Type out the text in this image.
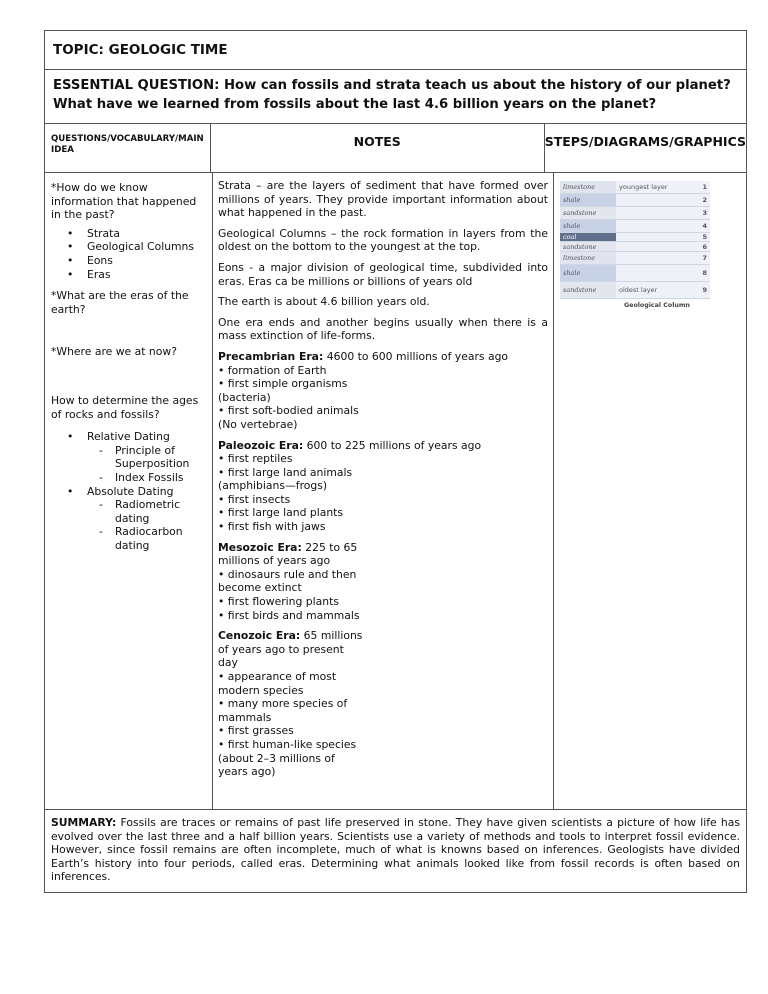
TOPIC: GEOLOGIC TIME
ESSENTIAL QUESTION: How can fossils and strata teach us about the history of our planet? What have we learned from fossils about the last 4.6 billion years on the planet?
QUESTIONS/VOCABULARY/MAIN IDEA
NOTES	STEPS/DIAGRAMS/GRAPHICS
*How do we know information that happened in the past?
• Strata
• Geological Columns
• Eons
• Eras
*What are the eras of the earth?
*Where are we at now?
How to determine the ages of rocks and fossils?
• Relative Dating
- Principle of Superposition
- Index Fossils
• Absolute Dating
- Radiometric dating
- Radiocarbon dating

Strata – are the layers of sediment that have formed over millions of years. They provide important information about what happened in the past.

Geological Columns – the rock formation in layers from the oldest on the bottom to the youngest at the top.

Eons - a major division of geological time, subdivided into eras. Eras ca be millions or billions of years old

The earth is about 4.6 billion years old.

One era ends and another begins usually when there is a mass extinction of life-forms.

Precambrian Era: 4600 to 600 millions of years ago
• formation of Earth
• first simple organisms
(bacteria)
• first soft-bodied animals
(No vertebrae)
Paleozoic Era: 600 to 225 millions of years ago
• first reptiles
• first large land animals
(amphibians—frogs)
• first insects
• first large land plants
• first fish with jaws
Mesozoic Era: 225 to 65 millions of years ago
• dinosaurs rule and then become extinct
• first flowering plants
• first birds and mammals
Cenozoic Era: 65 millions of years ago to present day
• appearance of most modern species
• many more species of mammals
• first grasses
• first human-like species (about 2–3 millions of years ago)
limestone	youngest layer	1
shale	2
sandstone	3
shale	4
coal	5
sandstone	6
limestone	7
shale	8
sandstone	oldest layer	9
Geological Column
SUMMARY: Fossils are traces or remains of past life preserved in stone. They have given scientists a picture of how life has evolved over the last three and a half billion years. Scientists use a variety of methods and tools to interpret fossil evidence. However, since fossil remains are often incomplete, much of what is knowns based on inferences. Geologists have divided Earth’s history into four periods, called eras. Determining what animals looked like from fossil records is often based on inferences.
